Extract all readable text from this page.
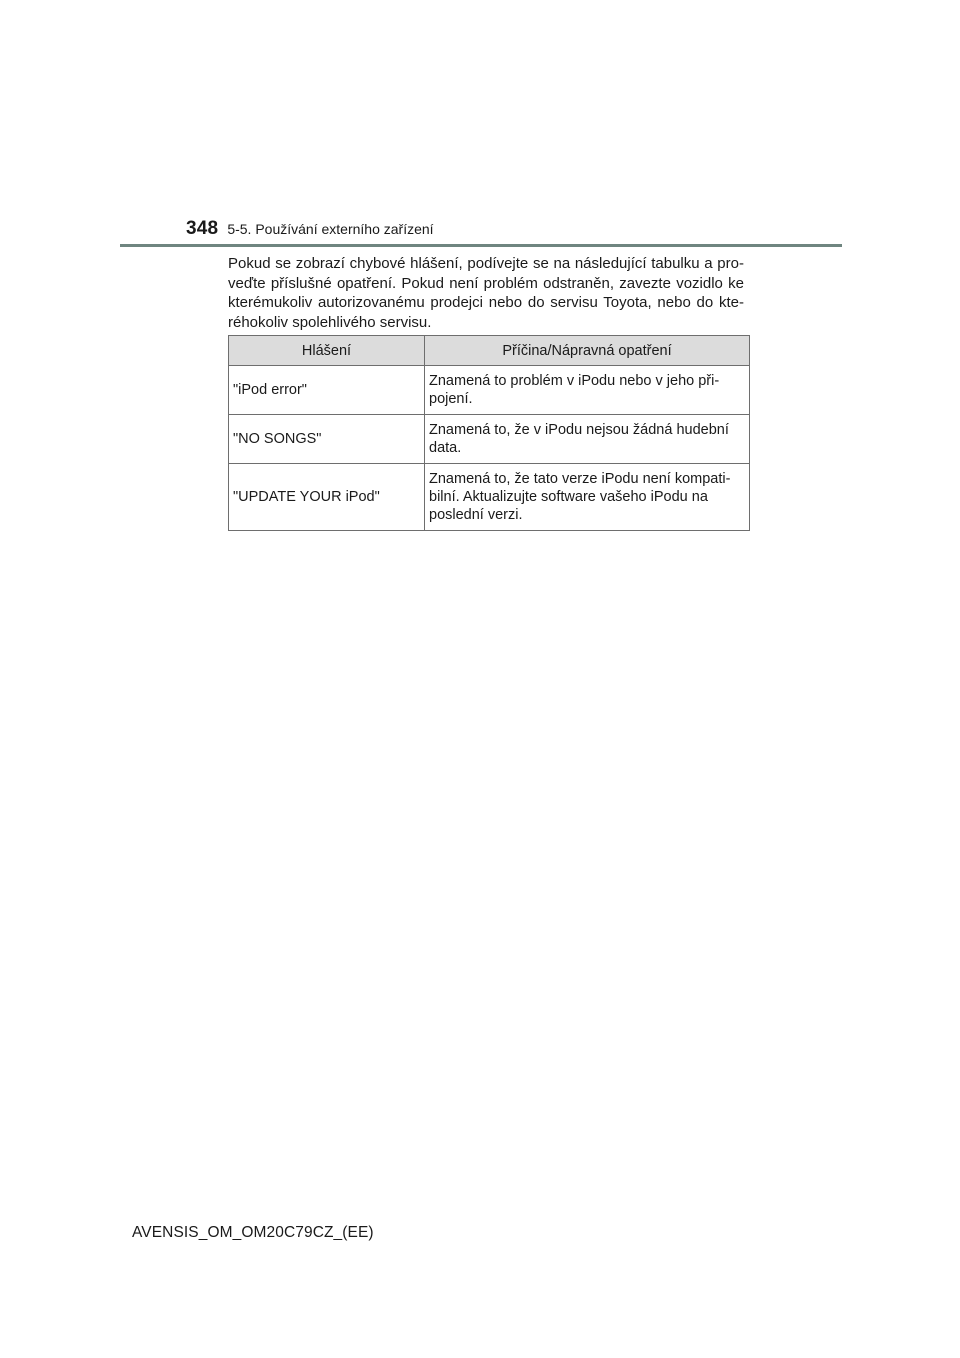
348 5-5. Používání externího zařízení

Pokud se zobrazí chybové hlášení, podívejte se na následující tabulku a pro-veďte příslušné opatření. Pokud není problém odstraněn, zavezte vozidlo ke kterémukoliv autorizovanému prodejci nebo do servisu Toyota, nebo do kte-réhokoliv spolehlivého servisu.

Hlášení	Příčina/Nápravná opatření
"iPod error"	Znamená to problém v iPodu nebo v jeho při-pojení.
"NO SONGS"	Znamená to, že v iPodu nejsou žádná hudební data.
"UPDATE YOUR iPod"	Znamená to, že tato verze iPodu není kompati-bilní. Aktualizujte software vašeho iPodu na poslední verzi.
AVENSIS_OM_OM20C79CZ_(EE)
